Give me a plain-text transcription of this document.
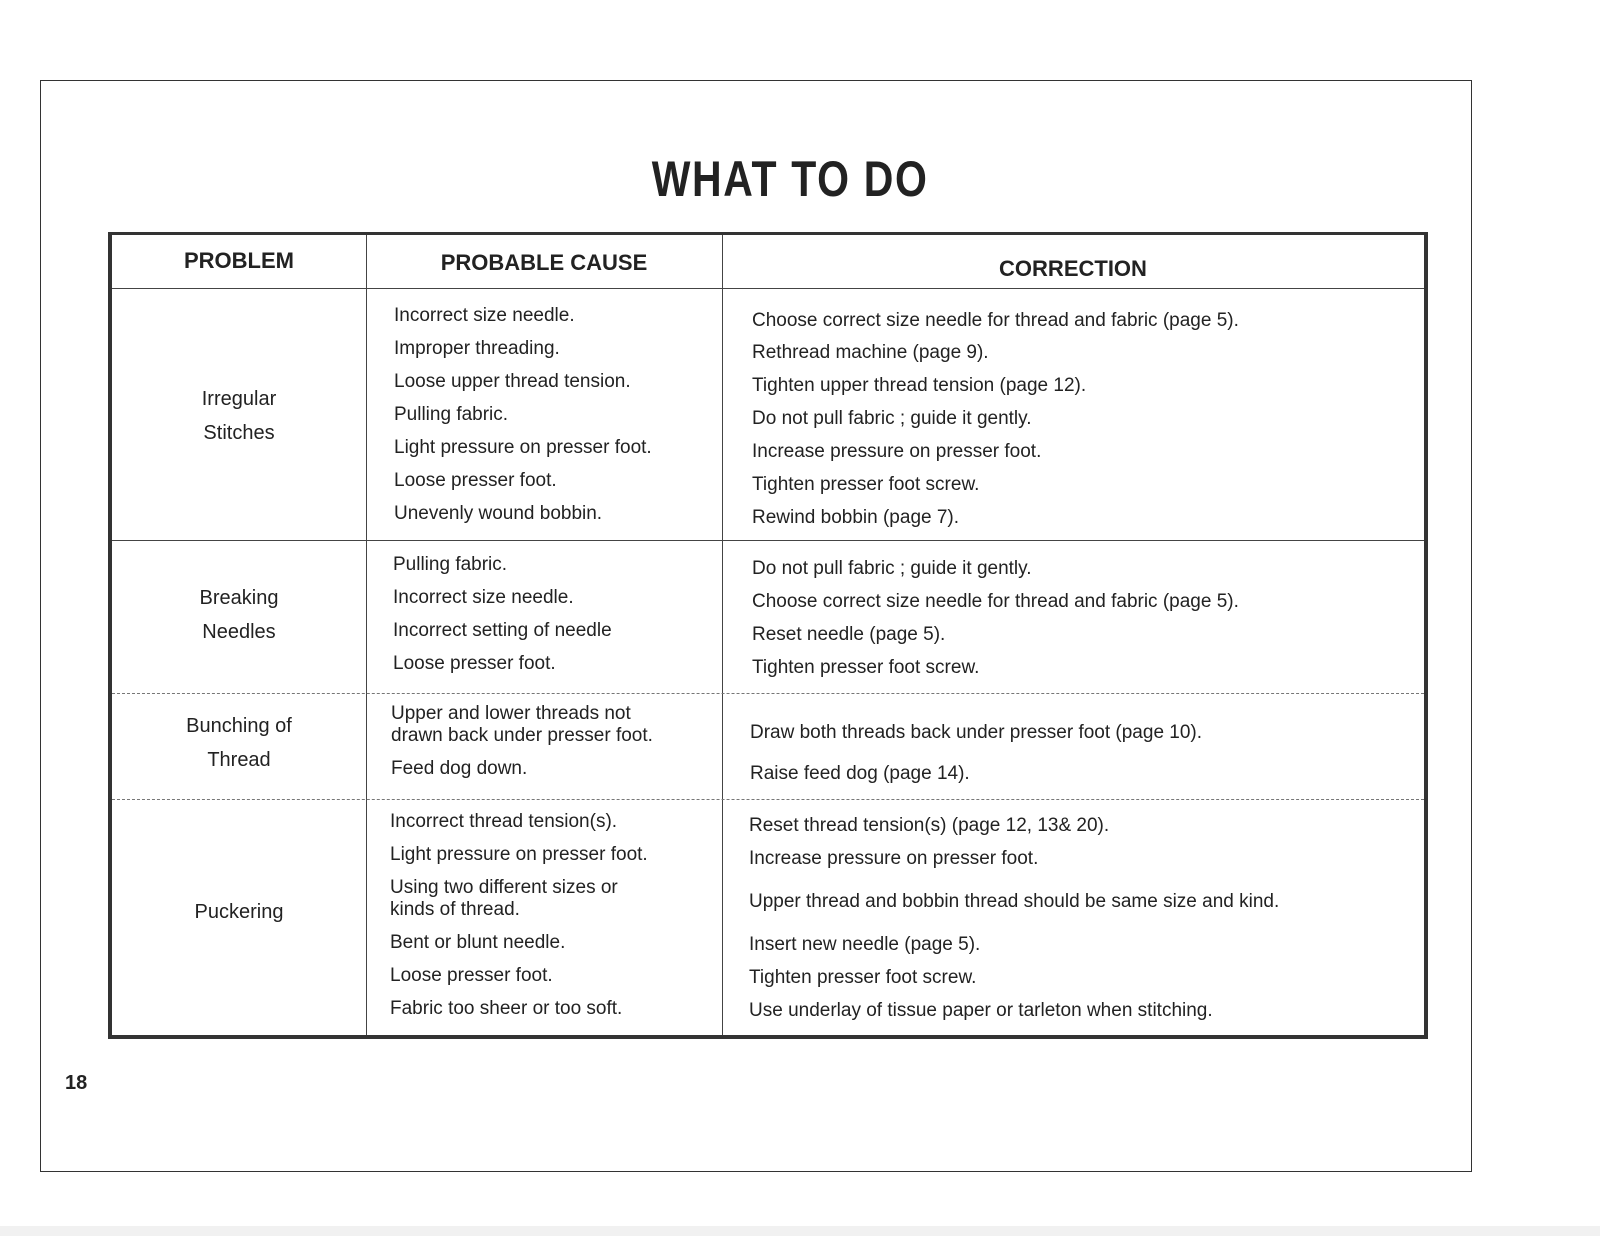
WHAT TO DO
PROBLEM	PROBABLE CAUSE	CORRECTION
Irregular
Stitches
Incorrect size needle.
Improper threading.
Loose upper thread tension.
Pulling fabric.
Light pressure on presser foot.
Loose presser foot.
Unevenly wound bobbin.
Choose correct size needle for thread and fabric (page 5).
Rethread machine (page 9).
Tighten upper thread tension (page 12).
Do not pull fabric ; guide it gently.
Increase pressure on presser foot.
Tighten presser foot screw.
Rewind bobbin (page 7).
Breaking
Needles
Pulling fabric.
Incorrect size needle.
Incorrect setting of needle
Loose presser foot.
Do not pull fabric ; guide it gently.
Choose correct size needle for thread and fabric (page 5).
Reset needle (page 5).
Tighten presser foot screw.
Bunching of
Thread
Upper and lower threads not
drawn back under presser foot.
Feed dog down.
Draw both threads back under presser foot (page 10).
Raise feed dog (page 14).
Puckering
Incorrect thread tension(s).
Light pressure on presser foot.
Using two different sizes or
kinds of thread.
Bent or blunt needle.
Loose presser foot.
Fabric too sheer or too soft.
Reset thread tension(s) (page 12, 13& 20).
Increase pressure on presser foot.
Upper thread and bobbin thread should be same size and kind.
Insert new needle (page 5).
Tighten presser foot screw.
Use underlay of tissue paper or tarleton when stitching.
18
